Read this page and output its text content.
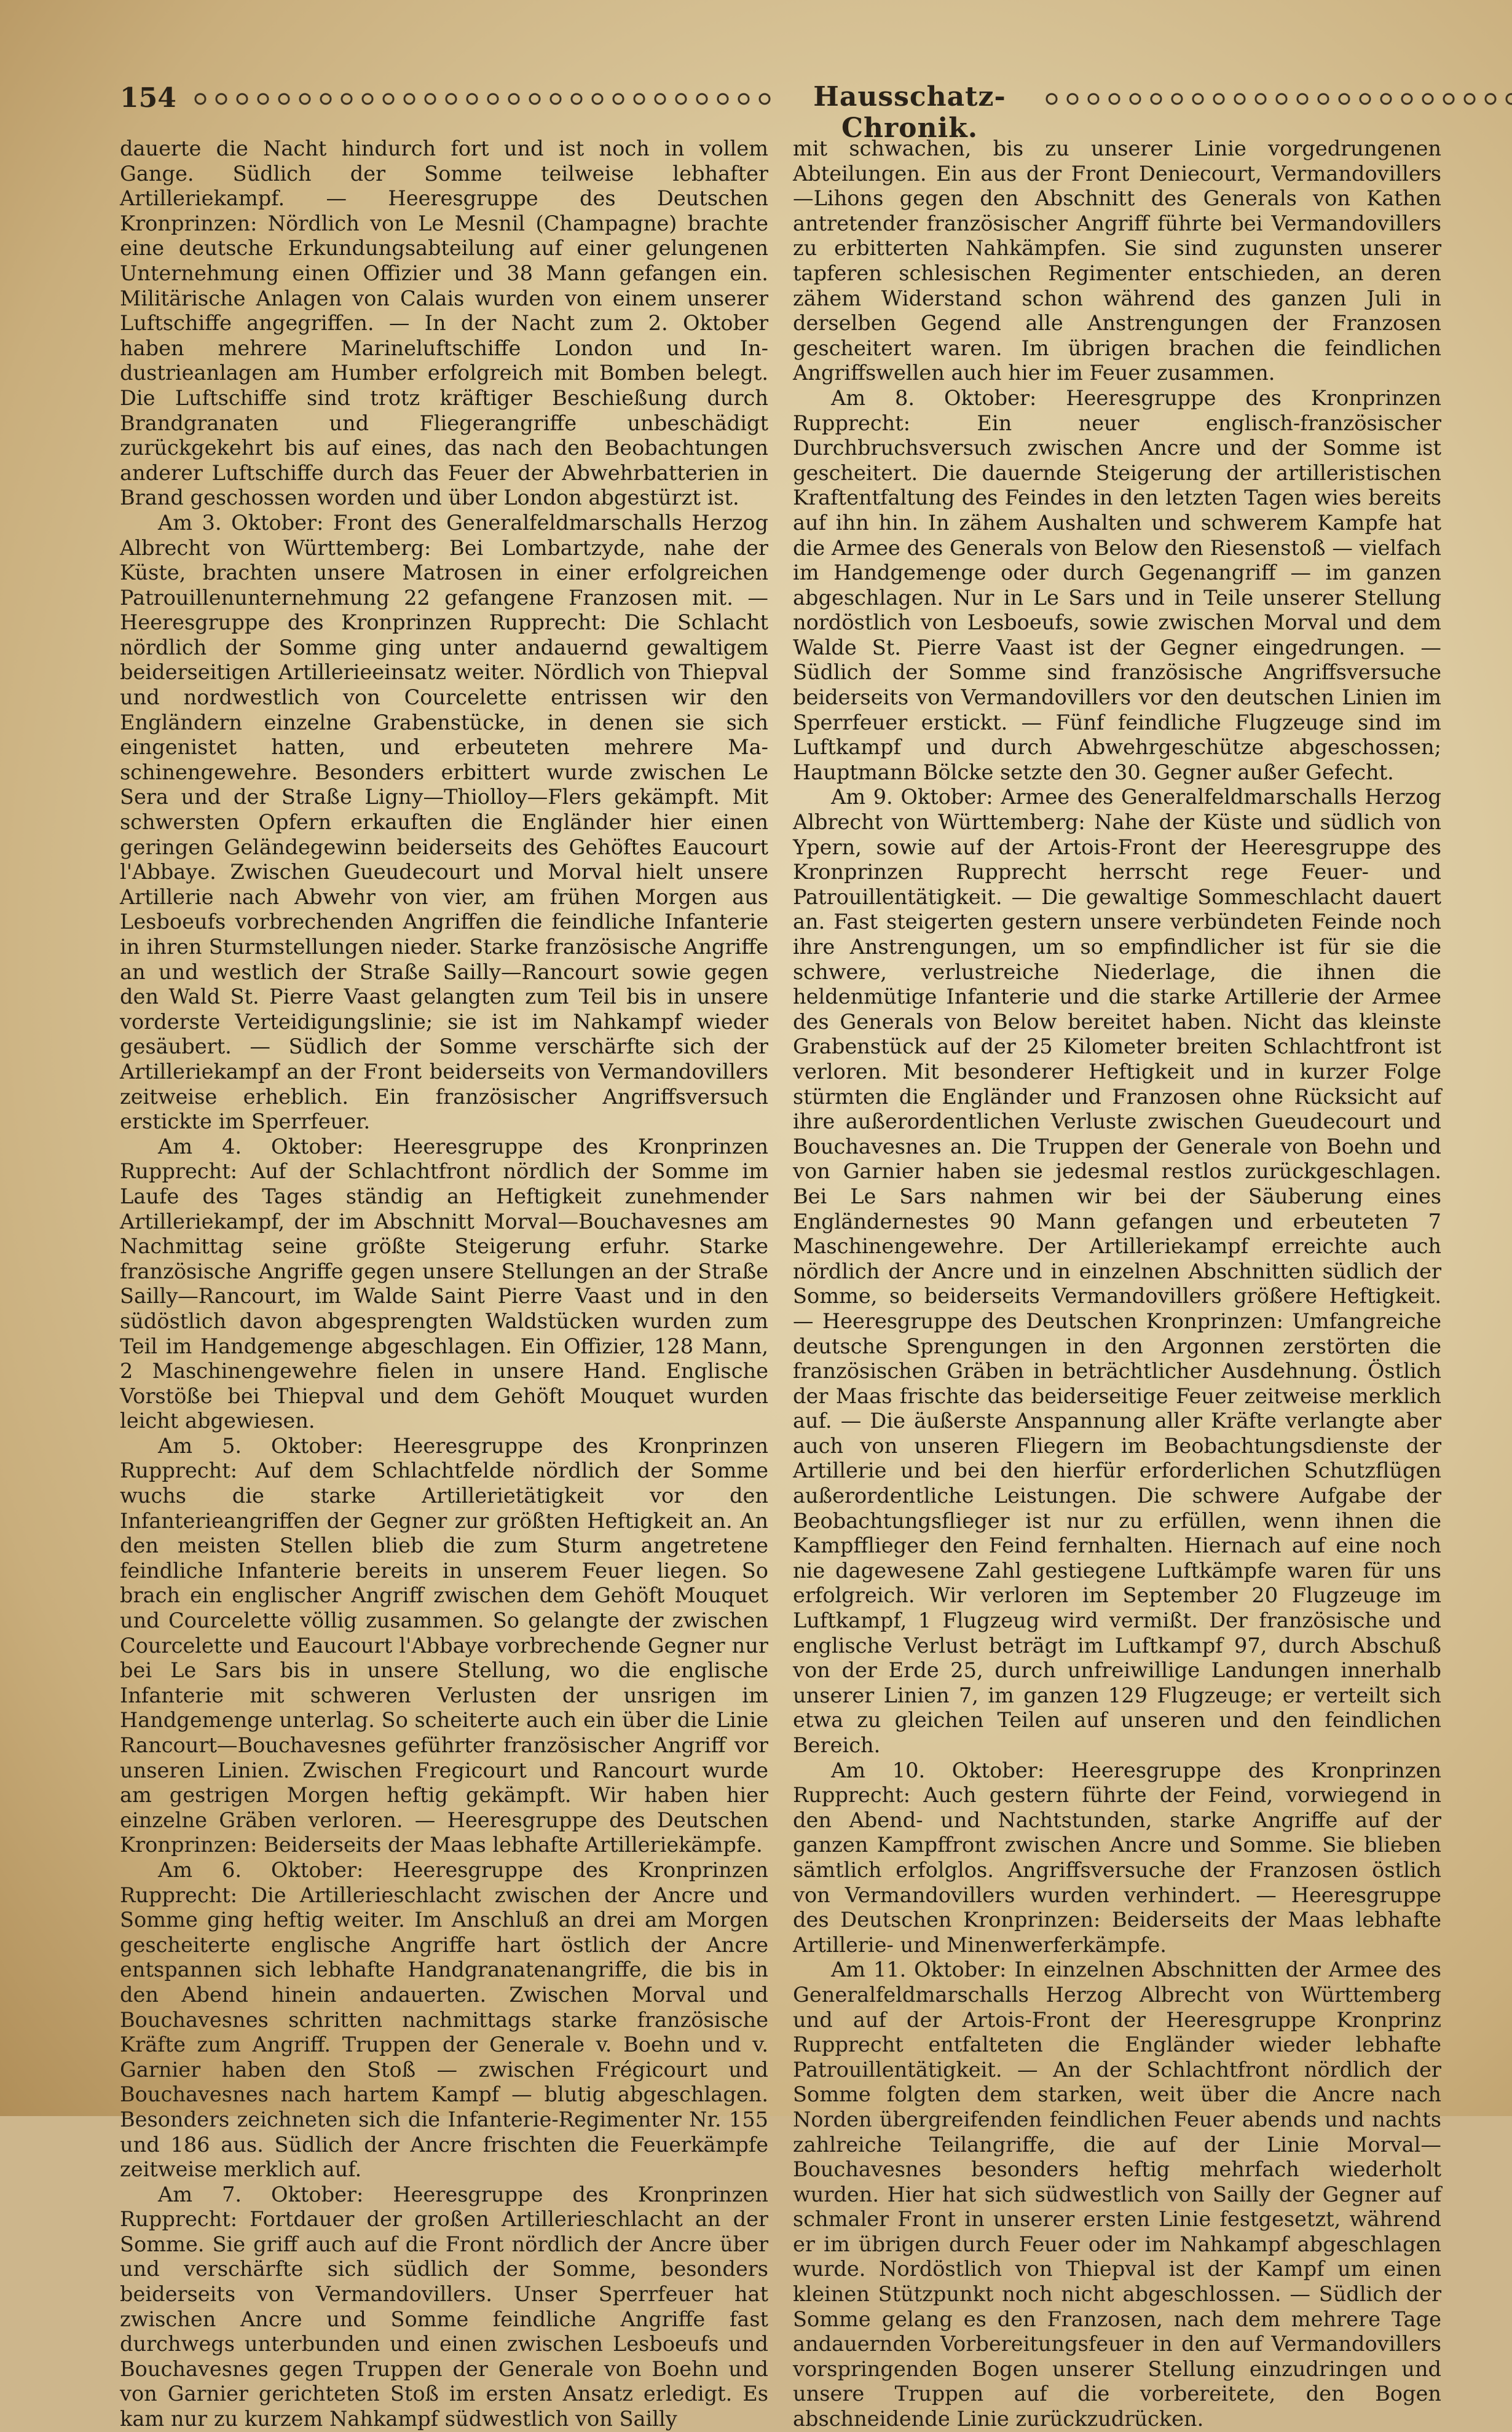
154	Hausschatz-Chronik.

dauerte die Nacht hindurch fort und ist noch in vollem Gange. Südlich der Somme teilweise lebhafter Artilleriekampf. — Heeresgruppe des Deutschen Kronprinzen: Nördlich von Le Mesnil (Champagne) brachte eine deutsche Erkundungsabteilung auf einer gelungenen Unternehmung einen Offizier und 38 Mann gefangen ein. Militärische Anlagen von Calais wurden von einem unserer Luftschiffe angegriffen. — In der Nacht zum 2. Oktober haben mehrere Marineluftschiffe London und Industrieanlagen am Humber erfolgreich mit Bomben belegt. Die Luftschiffe sind trotz kräftiger Beschießung durch Brandgranaten und Fliegerangriffe unbeschädigt zurückgekehrt bis auf eines, das nach den Beobachtungen anderer Luftschiffe durch das Feuer der Abwehrbatterien in Brand geschossen worden und über London abgestürzt ist.

Am 3. Oktober: Front des Generalfeldmarschalls Herzog Albrecht von Württemberg: Bei Lombartzyde, nahe der Küste, brachten unsere Matrosen in einer erfolgreichen Patrouillenunternehmung 22 gefangene Franzosen mit. — Heeresgruppe des Kronprinzen Rupprecht: Die Schlacht nördlich der Somme ging unter andauernd gewaltigem beiderseitigen Artillerieeinsatz weiter. Nördlich von Thiepval und nordwestlich von Courcelette entrissen wir den Engländern einzelne Grabenstücke, in denen sie sich eingenistet hatten, und erbeuteten mehrere Maschinengewehre. Besonders erbittert wurde zwischen Le Sera und der Straße Ligny—Thiolloy—Flers gekämpft. Mit schwersten Opfern erkauften die Engländer hier einen geringen Geländegewinn beiderseits des Gehöftes Eaucourt l'Abbaye. Zwischen Gueudecourt und Morval hielt unsere Artillerie nach Abwehr von vier, am frühen Morgen aus Lesboeufs vorbrechenden Angriffen die feindliche Infanterie in ihren Sturmstellungen nieder. Starke französische Angriffe an und westlich der Straße Sailly—Rancourt sowie gegen den Wald St. Pierre Vaast gelangten zum Teil bis in unsere vorderste Verteidigungslinie; sie ist im Nahkampf wieder gesäubert. — Südlich der Somme verschärfte sich der Artilleriekampf an der Front beiderseits von Vermandovillers zeitweise erheblich. Ein französischer Angriffsversuch erstickte im Sperrfeuer.

Am 4. Oktober: Heeresgruppe des Kronprinzen Rupprecht: Auf der Schlachtfront nördlich der Somme im Laufe des Tages ständig an Heftigkeit zunehmender Artilleriekampf, der im Abschnitt Morval—Bouchavesnes am Nachmittag seine größte Steigerung erfuhr. Starke französische Angriffe gegen unsere Stellungen an der Straße Sailly—Rancourt, im Walde Saint Pierre Vaast und in den südöstlich davon abgesprengten Waldstücken wurden zum Teil im Handgemenge abgeschlagen. Ein Offizier, 128 Mann, 2 Maschinengewehre fielen in unsere Hand. Englische Vorstöße bei Thiepval und dem Gehöft Mouquet wurden leicht abgewiesen.

Am 5. Oktober: Heeresgruppe des Kronprinzen Rupprecht: Auf dem Schlachtfelde nördlich der Somme wuchs die starke Artillerietätigkeit vor den Infanterieangriffen der Gegner zur größten Heftigkeit an. An den meisten Stellen blieb die zum Sturm angetretene feindliche Infanterie bereits in unserem Feuer liegen. So brach ein englischer Angriff zwischen dem Gehöft Mouquet und Courcelette völlig zusammen. So gelangte der zwischen Courcelette und Eaucourt l'Abbaye vorbrechende Gegner nur bei Le Sars bis in unsere Stellung, wo die englische Infanterie mit schweren Verlusten der unsrigen im Handgemenge unterlag. So scheiterte auch ein über die Linie Rancourt—Bouchavesnes geführter französischer Angriff vor unseren Linien. Zwischen Fregicourt und Rancourt wurde am gestrigen Morgen heftig gekämpft. Wir haben hier einzelne Gräben verloren. — Heeresgruppe des Deutschen Kronprinzen: Beiderseits der Maas lebhafte Artilleriekämpfe.

Am 6. Oktober: Heeresgruppe des Kronprinzen Rupprecht: Die Artillerieschlacht zwischen der Ancre und Somme ging heftig weiter. Im Anschluß an drei am Morgen gescheiterte englische Angriffe hart östlich der Ancre entspannen sich lebhafte Handgranatenangriffe, die bis in den Abend hinein andauerten. Zwischen Morval und Bouchavesnes schritten nachmittags starke französische Kräfte zum Angriff. Truppen der Generale v. Boehn und v. Garnier haben den Stoß — zwischen Frégicourt und Bouchavesnes nach hartem Kampf — blutig abgeschlagen. Besonders zeichneten sich die Infanterie-Regimenter Nr. 155 und 186 aus. Südlich der Ancre frischten die Feuerkämpfe zeitweise merklich auf.

Am 7. Oktober: Heeresgruppe des Kronprinzen Rupprecht: Fortdauer der großen Artillerieschlacht an der Somme. Sie griff auch auf die Front nördlich der Ancre über und verschärfte sich südlich der Somme, besonders beiderseits von Vermandovillers. Unser Sperrfeuer hat zwischen Ancre und Somme feindliche Angriffe fast durchwegs unterbunden und einen zwischen Lesboeufs und Bouchavesnes gegen Truppen der Generale von Boehn und von Garnier gerichteten Stoß im ersten Ansatz erledigt. Es kam nur zu kurzem Nahkampf südwestlich von Sailly

mit schwachen, bis zu unserer Linie vorgedrungenen Abteilungen. Ein aus der Front Deniecourt, Vermandovillers—Lihons gegen den Abschnitt des Generals von Kathen antretender französischer Angriff führte bei Vermandovillers zu erbitterten Nahkämpfen. Sie sind zugunsten unserer tapferen schlesischen Regimenter entschieden, an deren zähem Widerstand schon während des ganzen Juli in derselben Gegend alle Anstrengungen der Franzosen gescheitert waren. Im übrigen brachen die feindlichen Angriffswellen auch hier im Feuer zusammen.

Am 8. Oktober: Heeresgruppe des Kronprinzen Rupprecht: Ein neuer englisch-französischer Durchbruchsversuch zwischen Ancre und der Somme ist gescheitert. Die dauernde Steigerung der artilleristischen Kraftentfaltung des Feindes in den letzten Tagen wies bereits auf ihn hin. In zähem Aushalten und schwerem Kampfe hat die Armee des Generals von Below den Riesenstoß — vielfach im Handgemenge oder durch Gegenangriff — im ganzen abgeschlagen. Nur in Le Sars und in Teile unserer Stellung nordöstlich von Lesboeufs, sowie zwischen Morval und dem Walde St. Pierre Vaast ist der Gegner eingedrungen. — Südlich der Somme sind französische Angriffsversuche beiderseits von Vermandovillers vor den deutschen Linien im Sperrfeuer erstickt. — Fünf feindliche Flugzeuge sind im Luftkampf und durch Abwehrgeschütze abgeschossen; Hauptmann Bölcke setzte den 30. Gegner außer Gefecht.

Am 9. Oktober: Armee des Generalfeldmarschalls Herzog Albrecht von Württemberg: Nahe der Küste und südlich von Ypern, sowie auf der Artois-Front der Heeresgruppe des Kronprinzen Rupprecht herrscht rege Feuer- und Patrouillentätigkeit. — Die gewaltige Sommeschlacht dauert an. Fast steigerten gestern unsere verbündeten Feinde noch ihre Anstrengungen, um so empfindlicher ist für sie die schwere, verlustreiche Niederlage, die ihnen die heldenmütige Infanterie und die starke Artillerie der Armee des Generals von Below bereitet haben. Nicht das kleinste Grabenstück auf der 25 Kilometer breiten Schlachtfront ist verloren. Mit besonderer Heftigkeit und in kurzer Folge stürmten die Engländer und Franzosen ohne Rücksicht auf ihre außerordentlichen Verluste zwischen Gueudecourt und Bouchavesnes an. Die Truppen der Generale von Boehn und von Garnier haben sie jedesmal restlos zurückgeschlagen. Bei Le Sars nahmen wir bei der Säuberung eines Engländernestes 90 Mann gefangen und erbeuteten 7 Maschinengewehre. Der Artilleriekampf erreichte auch nördlich der Ancre und in einzelnen Abschnitten südlich der Somme, so beiderseits Vermandovillers größere Heftigkeit. — Heeresgruppe des Deutschen Kronprinzen: Umfangreiche deutsche Sprengungen in den Argonnen zerstörten die französischen Gräben in beträchtlicher Ausdehnung. Östlich der Maas frischte das beiderseitige Feuer zeitweise merklich auf. — Die äußerste Anspannung aller Kräfte verlangte aber auch von unseren Fliegern im Beobachtungsdienste der Artillerie und bei den hierfür erforderlichen Schutzflügen außerordentliche Leistungen. Die schwere Aufgabe der Beobachtungsflieger ist nur zu erfüllen, wenn ihnen die Kampfflieger den Feind fernhalten. Hiernach auf eine noch nie dagewesene Zahl gestiegene Luftkämpfe waren für uns erfolgreich. Wir verloren im September 20 Flugzeuge im Luftkampf, 1 Flugzeug wird vermißt. Der französische und englische Verlust beträgt im Luftkampf 97, durch Abschuß von der Erde 25, durch unfreiwillige Landungen innerhalb unserer Linien 7, im ganzen 129 Flugzeuge; er verteilt sich etwa zu gleichen Teilen auf unseren und den feindlichen Bereich.

Am 10. Oktober: Heeresgruppe des Kronprinzen Rupprecht: Auch gestern führte der Feind, vorwiegend in den Abend- und Nachtstunden, starke Angriffe auf der ganzen Kampffront zwischen Ancre und Somme. Sie blieben sämtlich erfolglos. Angriffsversuche der Franzosen östlich von Vermandovillers wurden verhindert. — Heeresgruppe des Deutschen Kronprinzen: Beiderseits der Maas lebhafte Artillerie- und Minenwerferkämpfe.

Am 11. Oktober: In einzelnen Abschnitten der Armee des Generalfeldmarschalls Herzog Albrecht von Württemberg und auf der Artois-Front der Heeresgruppe Kronprinz Rupprecht entfalteten die Engländer wieder lebhafte Patrouillentätigkeit. — An der Schlachtfront nördlich der Somme folgten dem starken, weit über die Ancre nach Norden übergreifenden feindlichen Feuer abends und nachts zahlreiche Teilangriffe, die auf der Linie Morval—Bouchavesnes besonders heftig mehrfach wiederholt wurden. Hier hat sich südwestlich von Sailly der Gegner auf schmaler Front in unserer ersten Linie festgesetzt, während er im übrigen durch Feuer oder im Nahkampf abgeschlagen wurde. Nordöstlich von Thiepval ist der Kampf um einen kleinen Stützpunkt noch nicht abgeschlossen. — Südlich der Somme gelang es den Franzosen, nach dem mehrere Tage andauernden Vorbereitungsfeuer in den auf Vermandovillers vorspringenden Bogen unserer Stellung einzudringen und unsere Truppen auf die vorbereitete, den Bogen abschneidende Linie zurückzudrücken.
